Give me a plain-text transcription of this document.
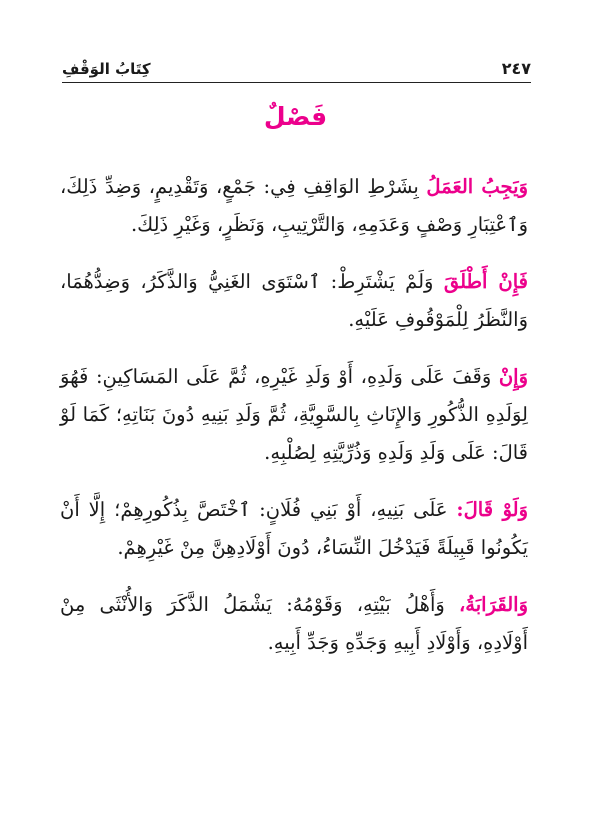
كِتَابُ الوَقْفِ	٢٤٧
فَصْلٌ

وَيَجِبُ العَمَلُ بِشَرْطِ الوَاقِفِ فِي: جَمْعٍ، وَتَقْدِيمٍ، وَضِدِّ ذَلِكَ، وَٱعْتِبَارِ وَصْفٍ وَعَدَمِهِ، وَالتَّرْتِيبِ، وَنَظَرٍ، وَغَيْرِ ذَلِكَ.

فَإِنْ أَطْلَقَ وَلَمْ يَشْتَرِطْ: ٱسْتَوَى الغَنِيُّ وَالذَّكَرُ، وَضِدُّهُمَا، وَالنَّظَرُ لِلْمَوْقُوفِ عَلَيْهِ.

وَإِنْ وَقَفَ عَلَى وَلَدِهِ، أَوْ وَلَدِ غَيْرِهِ، ثُمَّ عَلَى المَسَاكِينِ: فَهُوَ لِوَلَدِهِ الذُّكُورِ وَالإِنَاثِ بِالسَّوِيَّةِ، ثُمَّ وَلَدِ بَنِيهِ دُونَ بَنَاتِهِ؛ كَمَا لَوْ قَالَ: عَلَى وَلَدِ وَلَدِهِ وَذُرِّيَّتِهِ لِصُلْبِهِ.

وَلَوْ قَالَ: عَلَى بَنِيهِ، أَوْ بَنِي فُلَانٍ: ٱخْتَصَّ بِذُكُورِهِمْ؛ إِلَّا أَنْ يَكُونُوا قَبِيلَةً فَيَدْخُلَ النِّسَاءُ، دُونَ أَوْلَادِهِنَّ مِنْ غَيْرِهِمْ.

وَالقَرَابَةُ، وَأَهْلُ بَيْتِهِ، وَقَوْمُهُ: يَشْمَلُ الذَّكَرَ وَالأُنْثَى مِنْ أَوْلَادِهِ، وَأَوْلَادِ أَبِيهِ وَجَدِّهِ وَجَدِّ أَبِيهِ.
